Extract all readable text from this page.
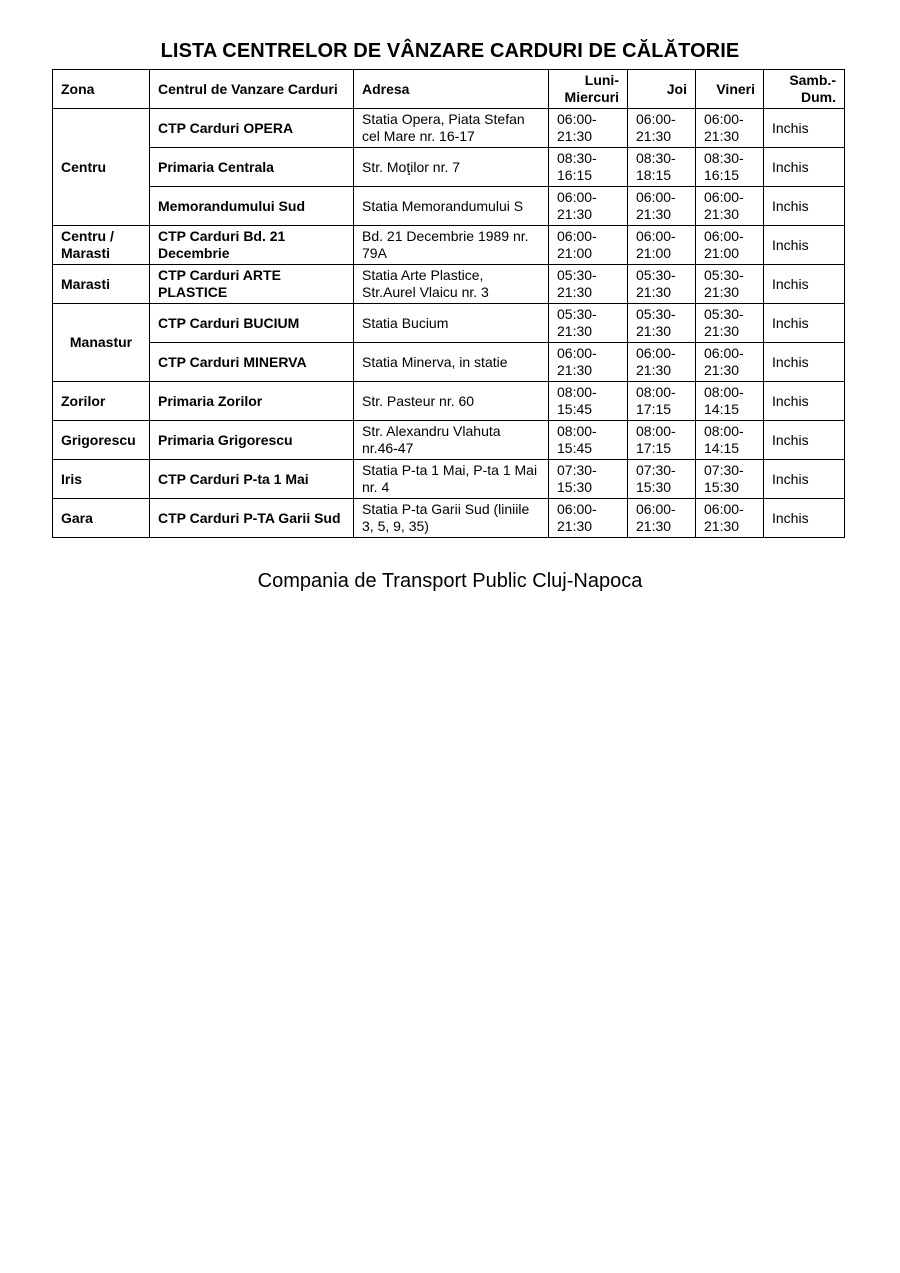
LISTA CENTRELOR DE VÂNZARE CARDURI DE CĂLĂTORIE
Zona	Centrul de Vanzare Carduri	Adresa	Luni-Miercuri	Joi	Vineri	Samb.-Dum.
Centru	CTP Carduri OPERA	Statia Opera, Piata Stefan cel Mare nr. 16-17	06:00-21:30	06:00-21:30	06:00-21:30	Inchis
	Primaria Centrala	Str. Moţilor nr. 7	08:30-16:15	08:30-18:15	08:30-16:15	Inchis
	Memorandumului Sud	Statia Memorandumului S	06:00-21:30	06:00-21:30	06:00-21:30	Inchis
Centru / Marasti	CTP Carduri Bd. 21 Decembrie	Bd. 21 Decembrie 1989 nr. 79A	06:00-21:00	06:00-21:00	06:00-21:00	Inchis
Marasti	CTP Carduri ARTE PLASTICE	Statia Arte Plastice, Str.Aurel Vlaicu nr. 3	05:30-21:30	05:30-21:30	05:30-21:30	Inchis
Manastur	CTP Carduri BUCIUM	Statia Bucium	05:30-21:30	05:30-21:30	05:30-21:30	Inchis
	CTP Carduri MINERVA	Statia Minerva, in statie	06:00-21:30	06:00-21:30	06:00-21:30	Inchis
Zorilor	Primaria Zorilor	Str. Pasteur nr. 60	08:00-15:45	08:00-17:15	08:00-14:15	Inchis
Grigorescu	Primaria Grigorescu	Str. Alexandru Vlahuta nr.46-47	08:00-15:45	08:00-17:15	08:00-14:15	Inchis
Iris	CTP Carduri P-ta 1 Mai	Statia P-ta 1 Mai, P-ta 1 Mai nr. 4	07:30-15:30	07:30-15:30	07:30-15:30	Inchis
Gara	CTP Carduri P-TA Garii Sud	Statia P-ta Garii Sud (liniile 3, 5, 9, 35)	06:00-21:30	06:00-21:30	06:00-21:30	Inchis
Compania de Transport Public Cluj-Napoca
